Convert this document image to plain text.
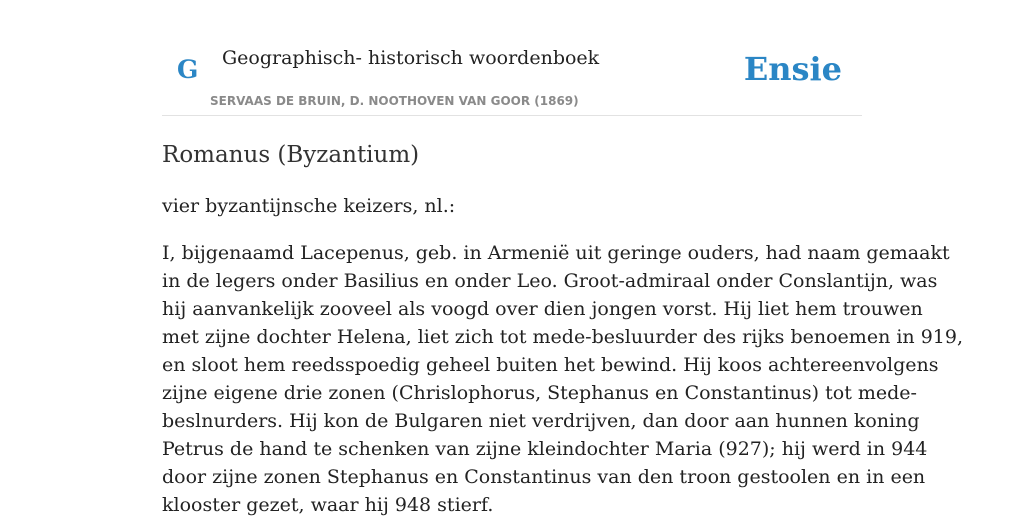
G Geographisch- historisch woordenboek
SERVAAS DE BRUIN, D. NOOTHOVEN VAN GOOR (1869)
Ensie
Romanus (Byzantium)

vier byzantijnsche keizers, nl.:

I, bijgenaamd Lacepenus, geb. in Armenië uit geringe ouders, had naam gemaakt
in de legers onder Basilius en onder Leo. Groot-admiraal onder Conslantijn, was
hij aanvankelijk zooveel als voogd over dien jongen vorst. Hij liet hem trouwen
met zijne dochter Helena, liet zich tot mede-besluurder des rijks benoemen in 919,
en sloot hem reedsspoedig geheel buiten het bewind. Hij koos achtereenvolgens
zijne eigene drie zonen (Chrislophorus, Stephanus en Constantinus) tot mede-
beslnurders. Hij kon de Bulgaren niet verdrijven, dan door aan hunnen koning
Petrus de hand te schenken van zijne kleindochter Maria (927); hij werd in 944
door zijne zonen Stephanus en Constantinus van den troon gestoolen en in een
klooster gezet, waar hij 948 stierf.
